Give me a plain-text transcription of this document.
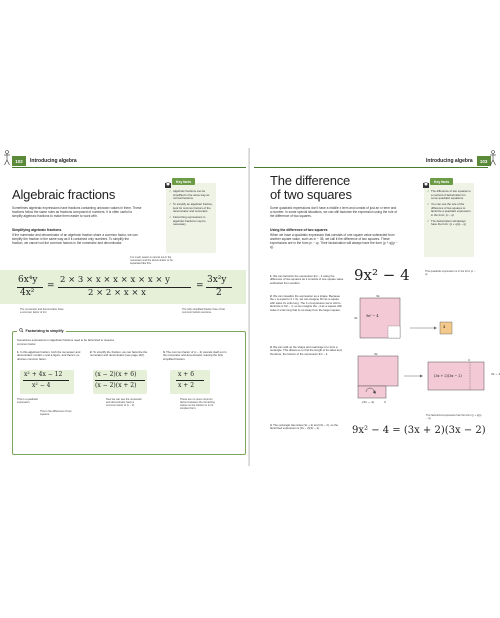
102	Introducing algebra
Algebraic fractions
Sometimes algebraic expressions have fractions containing unknown values in them. These fractions follow the same rules as fractions composed of numbers. It is often useful to simplify algebraic fractions to make them easier to work with.
Simplifying algebraic fractions
If the numerator and denominator of an algebraic fraction share a common factor, we can simplify the fraction in the same way as if it contained only numbers. To simplify the fraction, we cancel out the common factors in the numerator and denominator.
Key facts
✓ Algebraic fractions can be simplified in the same way as normal fractions.
✓ To simplify an algebraic fraction, look for common factors of the denominator and numerator.
✓ Factorizing expressions in algebraic fractions may be necessary.
It is much easier to cancel out in the numerator and the denominator to be separated like this.
6x⁴y
4x²
=
2 × 3 × x × x × x × x × y
2 × 2 × x × x
=
3x²y
2
The numerator and denominator have a common factor of 2x².
The fully simplified fraction free of the common factors outcome.
Factorizing to simplify
Sometimes expressions in algebraic fractions need to be factorized to reveal a common factor.
1. In this algebraic fraction, both the numerator and denominator contain x and a figure, and there's no obvious common factor.
2. To simplify the fraction, we can factorize the numerator and denominator (see page 110).
3. The common factor of (x − 2) cancels itself out in the numerator and denominator, leaving the fully simplified fraction.
x² + 4x − 12
x² − 4
(x − 2)(x + 6)
(x − 2)(x + 2)
x + 6
x + 2
This is a quadratic expression.
This is the difference of two squares.
Now we can see the numerator and denominator have a common factor of (x − 2).
These are no more common factors between the remaining values so the fraction is in its simplest form.
Introducing algebra	103
The difference
of two squares
Some quadratic expressions don't have a middle x term and consist of just an x² term and a number. In some special situations, we can still factorize the expression using the rule of the difference of two squares.
Using the difference of two squares
When we have a quadratic expression that consists of one square value subtracted from another square value, such as x² − 36, we call it the difference of two squares. These expressions are in the form p² − q². Their factorization will always have the form (p + q)(p − q).
Key facts
✓ The difference of two squares is a method of factorization for some quadratic equations.
✓ You can use the rule of the difference of two squares to factorize a quadratic expression in the form: p² − q²
✓ The factorization will always have the form: (p + q)(p − q)
9x² − 4	This quadratic expression is in the form p² − q².
1. We can factorize the expression 9x² − 4 using the difference of two squares as it consists of one square value subtracted from another.
2. We can visualize the expression as a shape. Because the x is equal to 3 × 3x, we can imagine 9x² as a square with sides 3x units long. The 4 of expression we're told to factorize is 9x² − 4, so we imagine the −4 as a square with sides 2 units long that is cut away from the larger square.
3. We can split up the shape and rearrange it to form a rectangle. This allows us to find the length of its sides and, therefore, the factors of the expression 9x² − 4.
4. The rectangle has sides (3x + 2) and (3x − 2), so the factorized expression is (3x − 2)(3x − 2).
3x
3x 9x² − 4
4
3x
2
(3x + 2)(3x − 2)	3x − 2
(3x − 2)	2
The factorized expression has the form (p + q)(p − q).
9x² − 4 = (3x + 2)(3x − 2)
